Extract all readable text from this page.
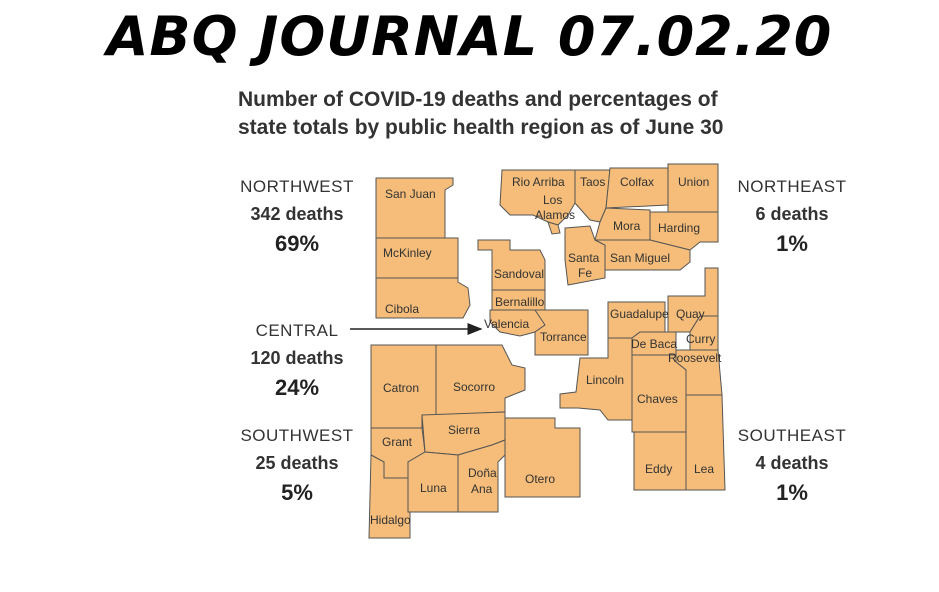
ABQ JOURNAL 07.02.20
Number of COVID-19 deaths and percentages of
state totals by public health region as of June 30
NORTHWEST
342 deaths
69%
NORTHEAST
6 deaths
1%
CENTRAL
120 deaths
24%
SOUTHWEST
25 deaths
5%
SOUTHEAST
4 deaths
1%
San Juan
McKinley
Cibola
Rio Arriba Taos Colfax Union
Los
Alamos
Mora Harding
Santa
Fe
San Miguel
Sandoval
Bernalillo
Valencia
Torrance
Guadalupe Quay
De Baca Curry
Roosevelt
Lincoln
Chaves
Catron	Socorro
Grant
Sierra
Hidalgo
Luna
Doña
Ana
Otero
Eddy Lea
